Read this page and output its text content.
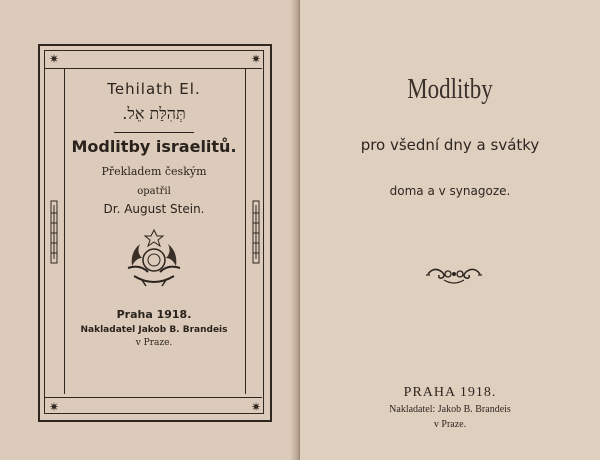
✷	✷
✷	✷
Tehilath El.
תְּהִלַּת אֵל.
Modlitby israelitů.
Překladem českým
opatřil
Dr. August Stein.
Praha 1918.
Nakladatel Jakob B. Brandeis
v Praze.
Modlitby
pro všední dny a svátky
doma a v synagoze.
PRAHA 1918.
Nakladatel: Jakob B. Brandeis
v Praze.
